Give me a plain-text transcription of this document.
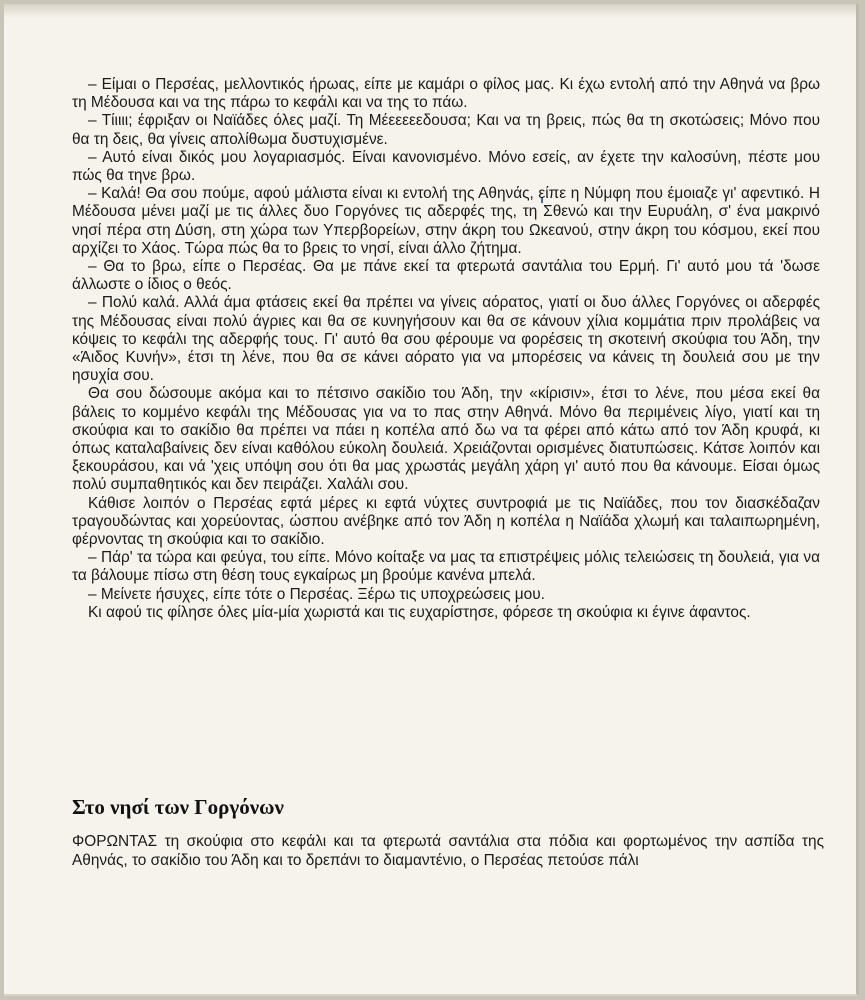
– Είμαι ο Περσέας, μελλοντικός ήρωας, είπε με καμάρι ο φίλος μας. Κι έχω εντολή από την Αθηνά να βρω τη Μέδουσα και να της πάρω το κεφάλι και να της το πάω.

– Τίιιιι; έφριξαν οι Ναϊάδες όλες μαζί. Τη Μέεεεεεδουσα; Και να τη βρεις, πώς θα τη σκοτώσεις; Μόνο που θα τη δεις, θα γίνεις απολίθωμα δυστυχισμένε.

– Αυτό είναι δικός μου λογαριασμός. Είναι κανονισμένο. Μόνο εσείς, αν έχετε την καλοσύνη, πέστε μου πώς θα τηνε βρω.

– Καλά! Θα σου πούμε, αφού μάλιστα είναι κι εντολή της Αθηνάς, είπε η Νύμφη που έμοιαζε γι' αφεντικό. Η Μέδουσα μένει μαζί με τις άλλες δυο Γοργόνες τις αδερφές της, τη Σθενώ και την Ευρυάλη, σ' ένα μακρινό νησί πέρα στη Δύση, στη χώρα των Υπερβορείων, στην άκρη του Ωκεανού, στην άκρη του κόσμου, εκεί που αρχίζει το Χάος. Τώρα πώς θα το βρεις το νησί, είναι άλλο ζήτημα.

– Θα το βρω, είπε ο Περσέας. Θα με πάνε εκεί τα φτερωτά σαντάλια του Ερμή. Γι' αυτό μου τά 'δωσε άλλωστε ο ίδιος ο θεός.

– Πολύ καλά. Αλλά άμα φτάσεις εκεί θα πρέπει να γίνεις αόρατος, γιατί οι δυο άλλες Γοργόνες οι αδερφές της Μέδουσας είναι πολύ άγριες και θα σε κυνηγήσουν και θα σε κάνουν χίλια κομμάτια πριν προλάβεις να κόψεις το κεφάλι της αδερφής τους. Γι' αυτό θα σου φέρουμε να φορέσεις τη σκοτεινή σκούφια του Άδη, την «Άιδος Κυνήν», έτσι τη λένε, που θα σε κάνει αόρατο για να μπορέσεις να κάνεις τη δουλειά σου με την ησυχία σου.

Θα σου δώσουμε ακόμα και το πέτσινο σακίδιο του Άδη, την «κίρισιν», έτσι το λένε, που μέσα εκεί θα βάλεις το κομμένο κεφάλι της Μέδουσας για να το πας στην Αθηνά. Μόνο θα περιμένεις λίγο, γιατί και τη σκούφια και το σακίδιο θα πρέπει να πάει η κοπέλα από δω να τα φέρει από κάτω από τον Άδη κρυφά, κι όπως καταλαβαίνεις δεν είναι καθόλου εύκολη δουλειά. Χρειάζονται ορισμένες διατυπώσεις. Κάτσε λοιπόν και ξεκουράσου, και νά 'χεις υπόψη σου ότι θα μας χρωστάς μεγάλη χάρη γι' αυτό που θα κάνουμε. Είσαι όμως πολύ συμπαθητικός και δεν πειράζει. Χαλάλι σου.

Κάθισε λοιπόν ο Περσέας εφτά μέρες κι εφτά νύχτες συντροφιά με τις Ναϊάδες, που τον διασκέδαζαν τραγουδώντας και χορεύοντας, ώσπου ανέβηκε από τον Άδη η κοπέλα η Ναϊάδα χλωμή και ταλαιπωρημένη, φέρνοντας τη σκούφια και το σακίδιο.

– Πάρ' τα τώρα και φεύγα, του είπε. Μόνο κοίταξε να μας τα επιστρέψεις μόλις τελειώσεις τη δουλειά, για να τα βάλουμε πίσω στη θέση τους εγκαίρως μη βρούμε κανένα μπελά.

– Μείνετε ήσυχες, είπε τότε ο Περσέας. Ξέρω τις υποχρεώσεις μου.

Κι αφού τις φίλησε όλες μία-μία χωριστά και τις ευχαρίστησε, φόρεσε τη σκούφια κι έγινε άφαντος.

Στο νησί των Γοργόνων

ΦΟΡΩΝΤΑΣ τη σκούφια στο κεφάλι και τα φτερωτά σαντάλια στα πόδια και φορτωμένος την ασπίδα της Αθηνάς, το σακίδιο του Άδη και το δρεπάνι το διαμαντένιο, ο Περσέας πετούσε πάλι
